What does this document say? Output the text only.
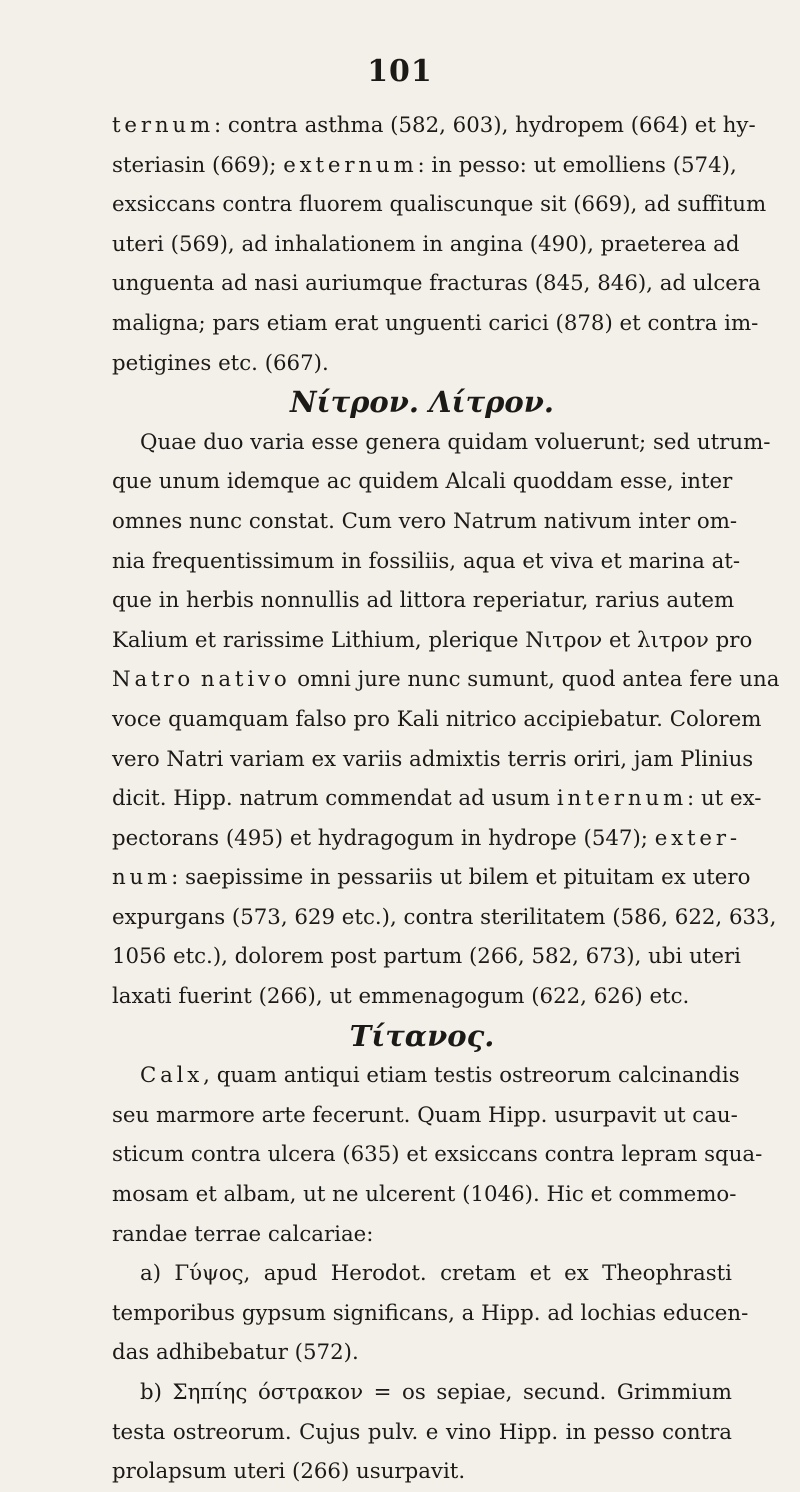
101
ternum: contra asthma (582, 603), hydropem (664) et hy-
steriasin (669); externum: in pesso: ut emolliens (574),
exsiccans contra fluorem qualiscunque sit (669), ad suffitum
uteri (569), ad inhalationem in angina (490), praeterea ad
unguenta ad nasi auriumque fracturas (845, 846), ad ulcera
maligna; pars etiam erat unguenti carici (878) et contra im-
petigines etc. (667).
Νίτρον. Λίτρον.
Quae duo varia esse genera quidam voluerunt; sed utrum-
que unum idemque ac quidem Alcali quoddam esse, inter
omnes nunc constat. Cum vero Natrum nativum inter om-
nia frequentissimum in fossiliis, aqua et viva et marina at-
que in herbis nonnullis ad littora reperiatur, rarius autem
Kalium et rarissime Lithium, plerique Νιτρον et λιτρον pro
Natro nativo omni jure nunc sumunt, quod antea fere una
voce quamquam falso pro Kali nitrico accipiebatur. Colorem
vero Natri variam ex variis admixtis terris oriri, jam Plinius
dicit. Hipp. natrum commendat ad usum internum: ut ex-
pectorans (495) et hydragogum in hydrope (547); exter-
num: saepissime in pessariis ut bilem et pituitam ex utero
expurgans (573, 629 etc.), contra sterilitatem (586, 622, 633,
1056 etc.), dolorem post partum (266, 582, 673), ubi uteri
laxati fuerint (266), ut emmenagogum (622, 626) etc.
Τίτανος.
Calx, quam antiqui etiam testis ostreorum calcinandis
seu marmore arte fecerunt. Quam Hipp. usurpavit ut cau-
sticum contra ulcera (635) et exsiccans contra lepram squa-
mosam et albam, ut ne ulcerent (1046). Hic et commemo-
randae terrae calcariae:
a) Γύψος, apud Herodot. cretam et ex Theophrasti
temporibus gypsum significans, a Hipp. ad lochias educen-
das adhibebatur (572).
b) Σηπίης όστρακον = os sepiae, secund. Grimmium
testa ostreorum. Cujus pulv. e vino Hipp. in pesso contra
prolapsum uteri (266) usurpavit.
